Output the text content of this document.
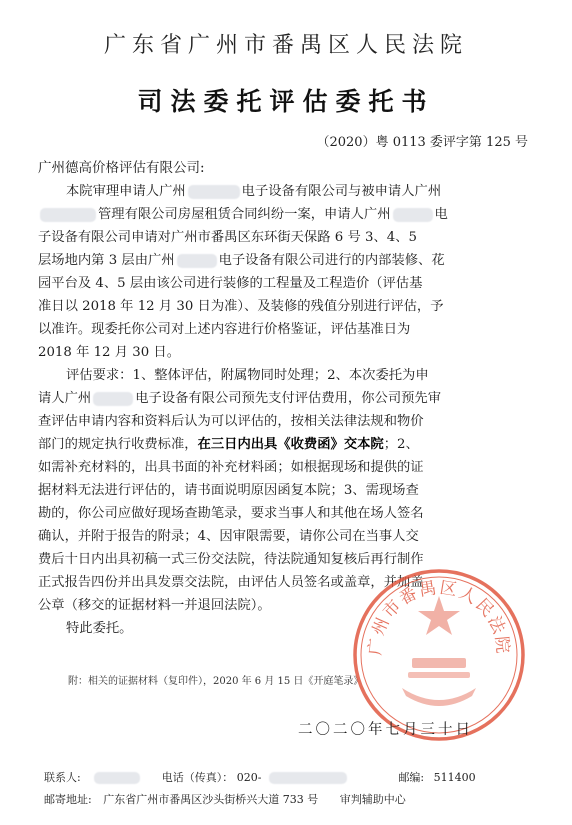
广东省广州市番禺区人民法院
司法委托评估委托书
（2020）粤 0113 委评字第 125 号
广州德高价格评估有限公司:
本院审理申请人广州	电子设备有限公司与被申请人广州
管理有限公司房屋租赁合同纠纷一案，申请人广州	电
子设备有限公司申请对广州市番禺区东环街天保路 6 号 3、4、5
层场地内第 3 层由广州	电子设备有限公司进行的内部装修、花
园平台及 4、5 层由该公司进行装修的工程量及工程造价（评估基
准日以 2018 年 12 月 30 日为准）、及装修的残值分别进行评估，予
以准许。现委托你公司对上述内容进行价格鉴证，评估基准日为
2018 年 12 月 30 日。
评估要求：1、整体评估，附属物同时处理；2、本次委托为申
请人广州	电子设备有限公司预先支付评估费用，你公司预先审
查评估申请内容和资料后认为可以评估的，按相关法律法规和物价
部门的规定执行收费标准，在三日内出具《收费函》交本院；2、
如需补充材料的，出具书面的补充材料函；如根据现场和提供的证
据材料无法进行评估的，请书面说明原因函复本院；3、需现场查
勘的，你公司应做好现场查勘笔录，要求当事人和其他在场人签名
确认，并附于报告的附录；4、因审限需要，请你公司在当事人交
费后十日内出具初稿一式三份交法院，待法院通知复核后再行制作
正式报告四份并出具发票交法院，由评估人员签名或盖章，并加盖
公章（移交的证据材料一并退回法院）。
特此委托。
附：相关的证据材料（复印件），2020 年 6 月 15 日《开庭笔录》
广州市番禺区人民法院
二〇二〇年七月三十日
联系人:	电话（传真）： 020-	邮编: 511400
邮寄地址: 广东省广州市番禺区沙头街桥兴大道 733 号 审判辅助中心
